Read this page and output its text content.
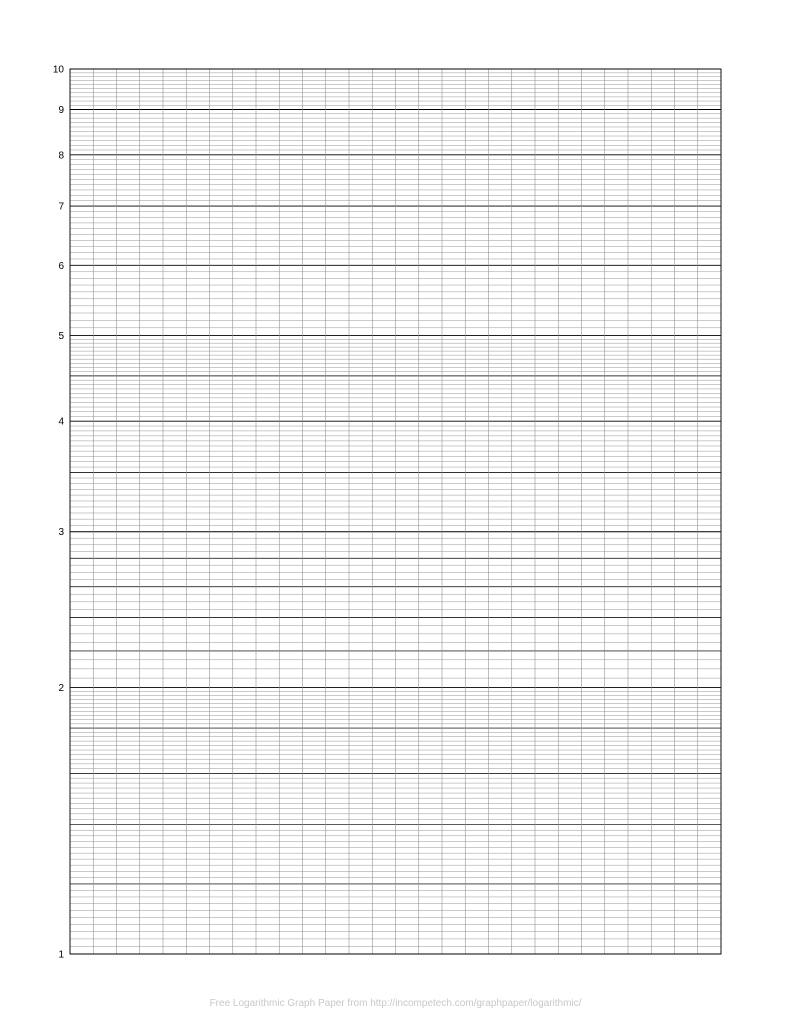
1
2
3
4
5
6
7
8
9
10
Free Logarithmic Graph Paper from http://incompetech.com/graphpaper/logarithmic/
